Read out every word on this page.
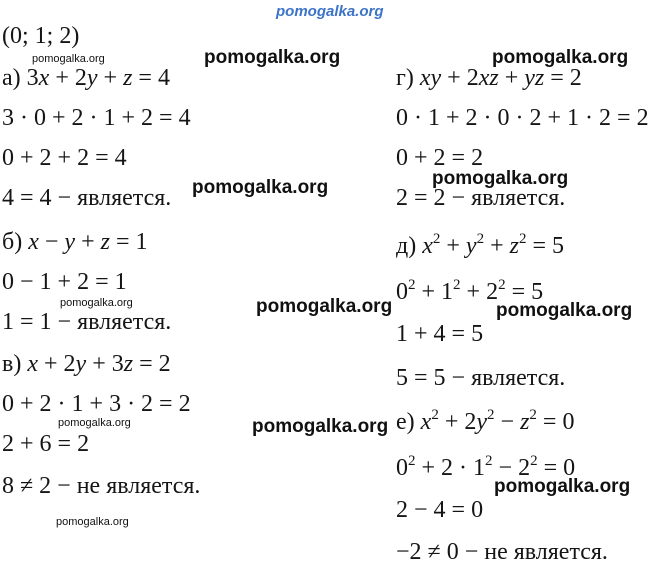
pomogalka.org
(0; 1; 2)
а) 3x + 2y + z = 4
3 · 0 + 2 · 1 + 2 = 4
0 + 2 + 2 = 4
4 = 4 − является.
б) x − y + z = 1
0 − 1 + 2 = 1
1 = 1 − является.
в) x + 2y + 3z = 2
0 + 2 · 1 + 3 · 2 = 2
2 + 6 = 2
8 ≠ 2 − не является.
г) xy + 2xz + yz = 2
0 · 1 + 2 · 0 · 2 + 1 · 2 = 2
0 + 2 = 2
2 = 2 − является.
д) $x^2 + y^2 + z^2 = 5$
$0^2 + 1^2 + 2^2 = 5$
1 + 4 = 5
5 = 5 − является.
е) $x^2 + 2y^2 - z^2 = 0$
$0^2 + 2 \cdot 1^2 - 2^2 = 0$
2 − 4 = 0
−2 ≠ 0 − не является.
pomogalka.org	pomogalka.org
pomogalka.org	pomogalka.org
pomogalka.org	pomogalka.org
pomogalka.org
pomogalka.org
pomogalka.org
pomogalka.org
pomogalka.org
pomogalka.org
